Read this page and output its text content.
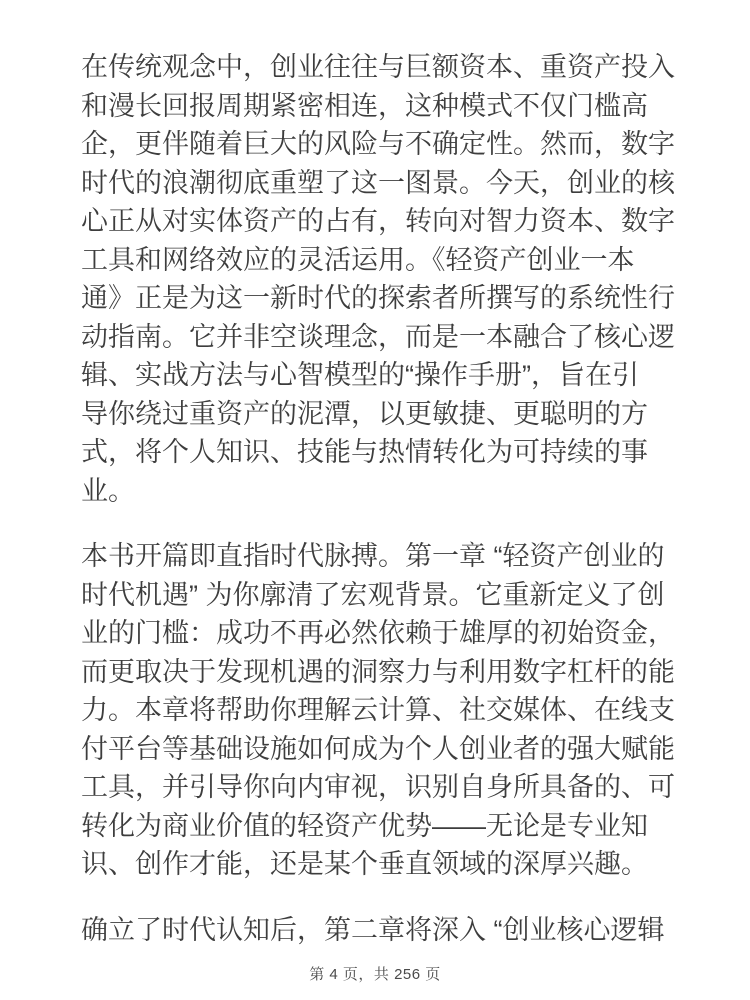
在传统观念中，创业往往与巨额资本、重资产投入
和漫长回报周期紧密相连，这种模式不仅门槛高
企，更伴随着巨大的风险与不确定性。然而，数字
时代的浪潮彻底重塑了这一图景。今天，创业的核
心正从对实体资产的占有，转向对智力资本、数字
工具和网络效应的灵活运用。《轻资产创业一本
通》正是为这一新时代的探索者所撰写的系统性行
动指南。它并非空谈理念，而是一本融合了核心逻
辑、实战方法与心智模型的“操作手册”，旨在引
导你绕过重资产的泥潭，以更敏捷、更聪明的方
式，将个人知识、技能与热情转化为可持续的事
业。
本书开篇即直指时代脉搏。第一章 “轻资产创业的
时代机遇” 为你廓清了宏观背景。它重新定义了创
业的门槛：成功不再必然依赖于雄厚的初始资金，
而更取决于发现机遇的洞察力与利用数字杠杆的能
力。本章将帮助你理解云计算、社交媒体、在线支
付平台等基础设施如何成为个人创业者的强大赋能
工具，并引导你向内审视，识别自身所具备的、可
转化为商业价值的轻资产优势——无论是专业知
识、创作才能，还是某个垂直领域的深厚兴趣。
确立了时代认知后，第二章将深入 “创业核心逻辑
第 4 页，共 256 页
